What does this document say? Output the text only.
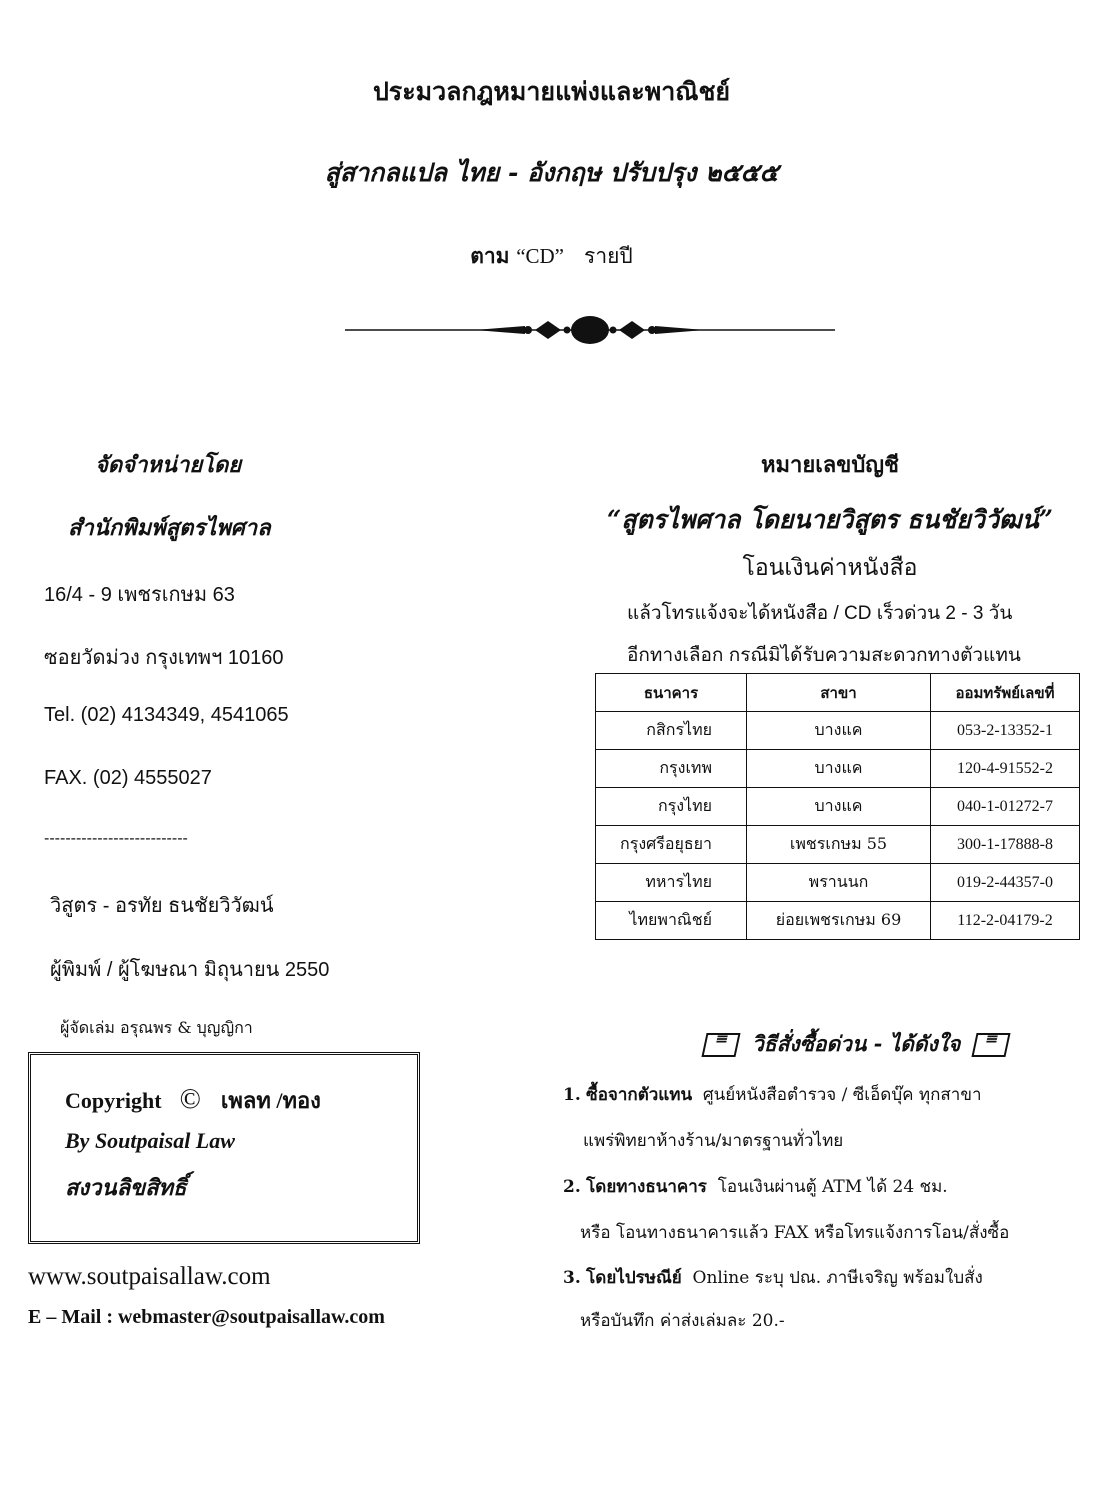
ประมวลกฎหมายแพ่งและพาณิชย์
สู่สากลแปล ไทย - อังกฤษ ปรับปรุง ๒๕๕๕
ตาม “CD” รายปี
จัดจำหน่ายโดย
สำนักพิมพ์สูตรไพศาล
16/4 - 9 เพชรเกษม 63
ซอยวัดม่วง กรุงเทพฯ 10160
Tel. (02) 4134349, 4541065
FAX. (02) 4555027
---------------------------
วิสูตร - อรทัย ธนชัยวิวัฒน์
ผู้พิมพ์ / ผู้โฆษณา มิถุนายน 2550
ผู้จัดเล่ม อรุณพร & บุญญิกา
Copyright © เพลท /ทอง
By Soutpaisal Law
สงวนลิขสิทธิ์
www.soutpaisallaw.com
E – Mail : webmaster@soutpaisallaw.com
หมายเลขบัญชี
“สูตรไพศาล โดยนายวิสูตร ธนชัยวิวัฒน์”
โอนเงินค่าหนังสือ
แล้วโทรแจ้งจะได้หนังสือ / CD เร็วด่วน 2 - 3 วัน
อีกทางเลือก กรณีมิได้รับความสะดวกทางตัวแทน
ธนาคาร	สาขา	ออมทรัพย์เลขที่
กสิกรไทย	บางแค	053-2-13352-1
กรุงเทพ	บางแค	120-4-91552-2
กรุงไทย	บางแค	040-1-01272-7
กรุงศรีอยุธยา	เพชรเกษม 55	300-1-17888-8
ทหารไทย	พรานนก	019-2-44357-0
ไทยพาณิชย์	ย่อยเพชรเกษม 69	112-2-04179-2
≡
วิธีสั่งซื้อด่วน - ได้ดังใจ
≡
1. ซื้อจากตัวแทน ศูนย์หนังสือตำรวจ / ซีเอ็ดบุ๊ค ทุกสาขา
แพร่พิทยาห้างร้าน/มาตรฐานทั่วไทย
2. โดยทางธนาคาร โอนเงินผ่านตู้ ATM ได้ 24 ชม.
หรือ โอนทางธนาคารแล้ว FAX หรือโทรแจ้งการโอน/สั่งซื้อ
3. โดยไปรษณีย์ Online ระบุ ปณ. ภาษีเจริญ พร้อมใบสั่ง
หรือบันทึก ค่าส่งเล่มละ 20.-
